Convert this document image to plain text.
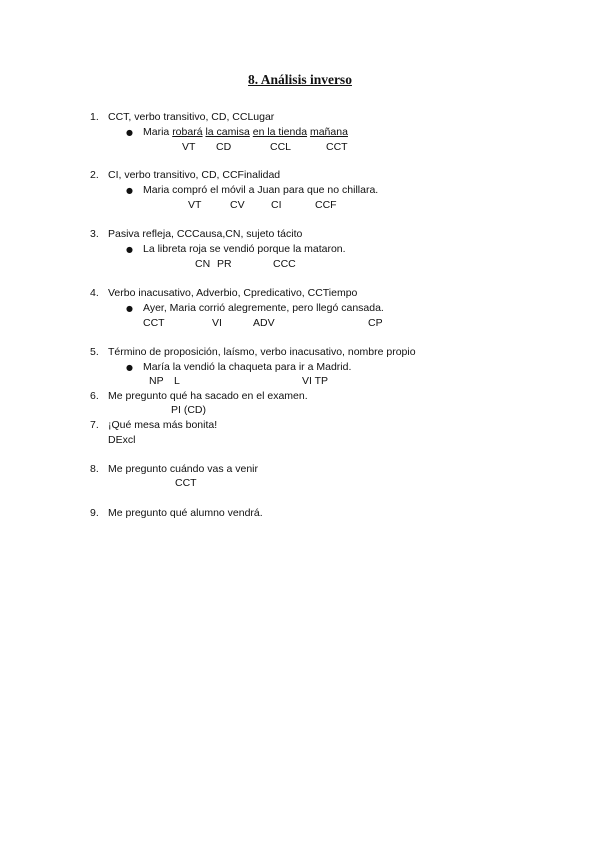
8. Análisis inverso
1. CCT, verbo transitivo, CD, CCLugar
● Maria robará la camisa en la tienda mañana
VT CD	CCL	CCT
2. CI, verbo transitivo, CD, CCFinalidad
● Maria compró el móvil a Juan para que no chillara.
VT	CV	CI	CCF
3. Pasiva refleja, CCCausa,CN, sujeto tácito
● La libreta roja se vendió porque la mataron.
CN PR	CCC
4. Verbo inacusativo, Adverbio, Cpredicativo, CCTiempo
● Ayer, Maria corrió alegremente, pero llegó cansada.
CCT	VI	ADV	CP
5. Término de proposición, laísmo, verbo inacusativo, nombre propio
● María la vendió la chaqueta para ir a Madrid.
NP L	VI TP
6. Me pregunto qué ha sacado en el examen.
PI (CD)
7. ¡Qué mesa más bonita!
DExcl
8. Me pregunto cuándo vas a venir
CCT
9. Me pregunto qué alumno vendrá.
